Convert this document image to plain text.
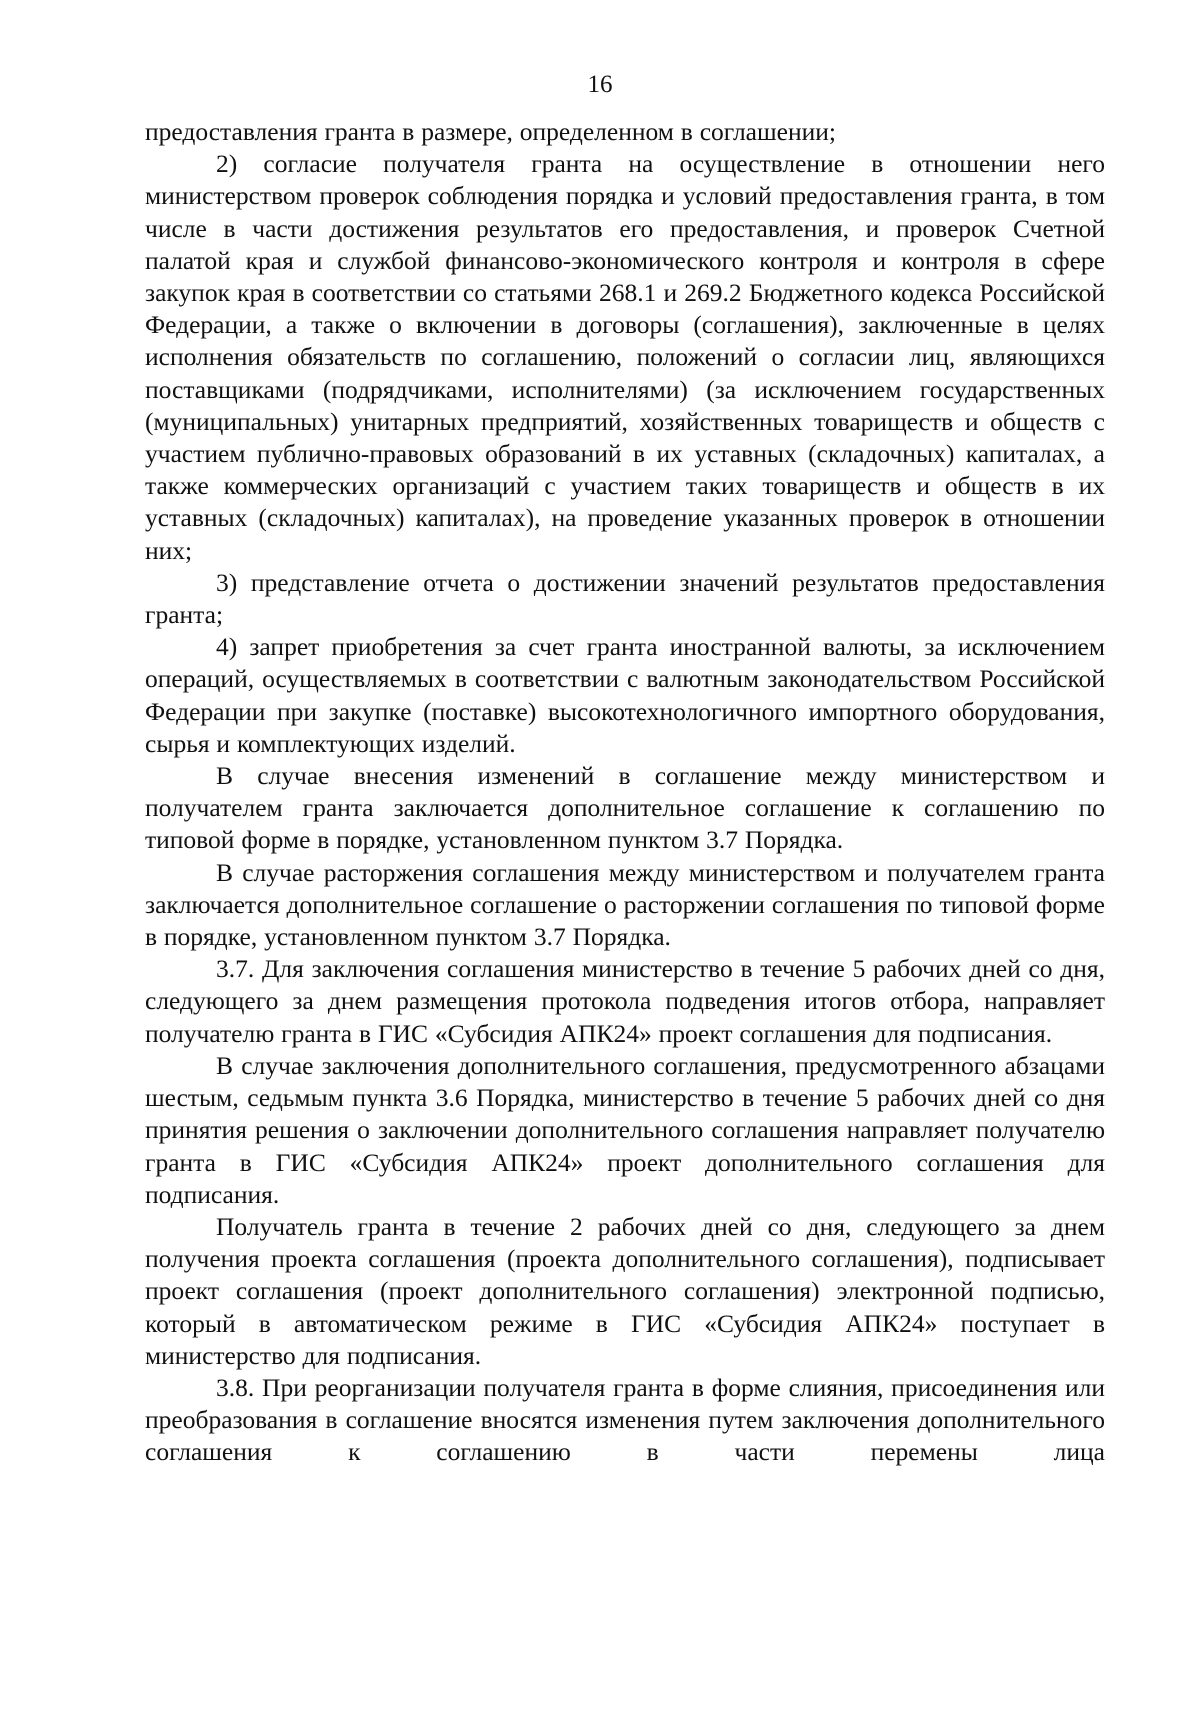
16

предоставления гранта в размере, определенном в соглашении;

2) согласие получателя гранта на осуществление в отношении него министерством проверок соблюдения порядка и условий предоставления гранта, в том числе в части достижения результатов его предоставления, и проверок Счетной палатой края и службой финансово-экономического контроля и контроля в сфере закупок края в соответствии со статьями 268.1 и 269.2 Бюджетного кодекса Российской Федерации, а также о включении в договоры (соглашения), заключенные в целях исполнения обязательств по соглашению, положений о согласии лиц, являющихся поставщиками (подрядчиками, исполнителями) (за исключением государственных (муниципальных) унитарных предприятий, хозяйственных товариществ и обществ с участием публично-правовых образований в их уставных (складочных) капиталах, а также коммерческих организаций с участием таких товариществ и обществ в их уставных (складочных) капиталах), на проведение указанных проверок в отношении них;

3) представление отчета о достижении значений результатов предоставления гранта;

4) запрет приобретения за счет гранта иностранной валюты, за исключением операций, осуществляемых в соответствии с валютным законодательством Российской Федерации при закупке (поставке) высокотехнологичного импортного оборудования, сырья и комплектующих изделий.

В случае внесения изменений в соглашение между министерством и получателем гранта заключается дополнительное соглашение к соглашению по типовой форме в порядке, установленном пунктом 3.7 Порядка.

В случае расторжения соглашения между министерством и получателем гранта заключается дополнительное соглашение о расторжении соглашения по типовой форме в порядке, установленном пунктом 3.7 Порядка.

3.7. Для заключения соглашения министерство в течение 5 рабочих дней со дня, следующего за днем размещения протокола подведения итогов отбора, направляет получателю гранта в ГИС «Субсидия АПК24» проект соглашения для подписания.

В случае заключения дополнительного соглашения, предусмотренного абзацами шестым, седьмым пункта 3.6 Порядка, министерство в течение 5 рабочих дней со дня принятия решения о заключении дополнительного соглашения направляет получателю гранта в ГИС «Субсидия АПК24» проект дополнительного соглашения для подписания.

Получатель гранта в течение 2 рабочих дней со дня, следующего за днем получения проекта соглашения (проекта дополнительного соглашения), подписывает проект соглашения (проект дополнительного соглашения) электронной подписью, который в автоматическом режиме в ГИС «Субсидия АПК24» поступает в министерство для подписания.

3.8. При реорганизации получателя гранта в форме слияния, присоединения или преобразования в соглашение вносятся изменения путем заключения дополнительного соглашения к соглашению в части перемены лица
